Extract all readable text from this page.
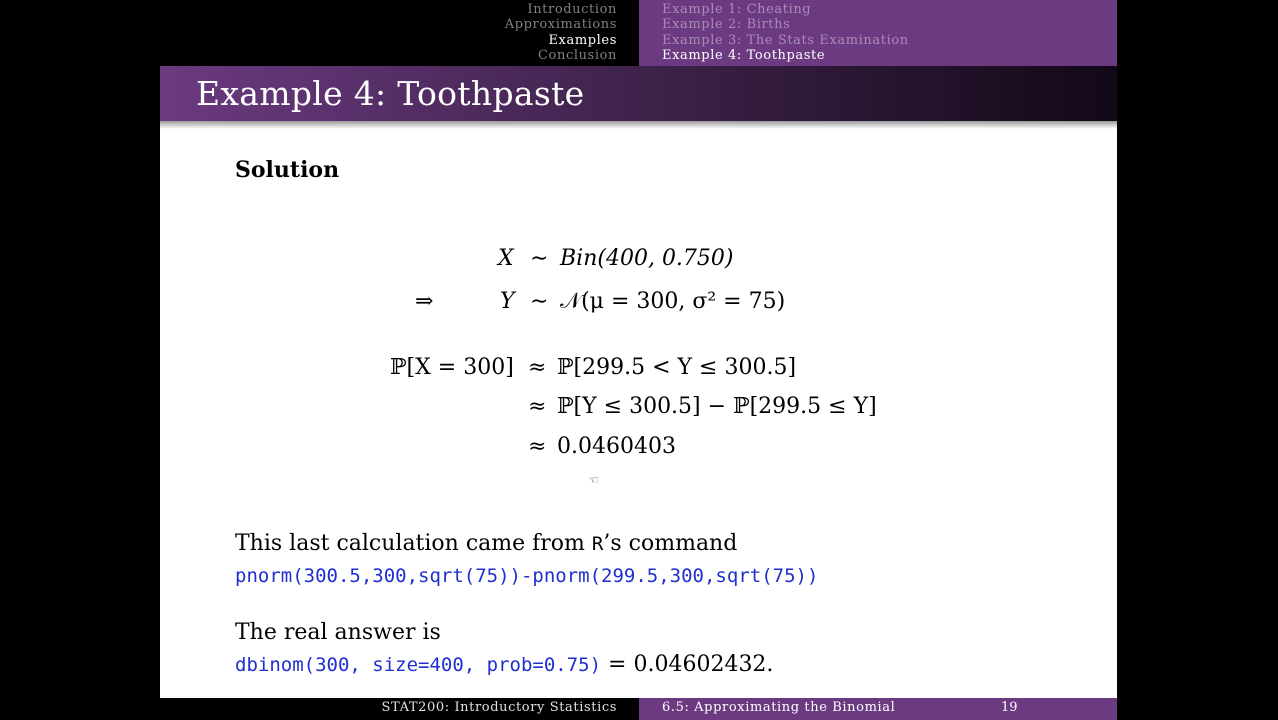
Introduction
Approximations
Examples
Conclusion
Example 1: Cheating
Example 2: Births
Example 3: The Stats Examination
Example 4: Toothpaste
Example 4: Toothpaste
Solution
X ∼ Bin(400, 0.750)
⇒	Y ∼ 𝒩(μ = 300, σ² = 75)
ℙ[X = 300] ≈ ℙ[299.5 < Y ≤ 300.5]
≈ ℙ[Y ≤ 300.5] − ℙ[299.5 ≤ Y]
≈ 0.0460403
☜
This last calculation came from R’s command
pnorm(300.5,300,sqrt(75))-pnorm(299.5,300,sqrt(75))
The real answer is
dbinom(300, size=400, prob=0.75) = 0.04602432.
STAT200: Introductory Statistics	6.5: Approximating the Binomial	19
